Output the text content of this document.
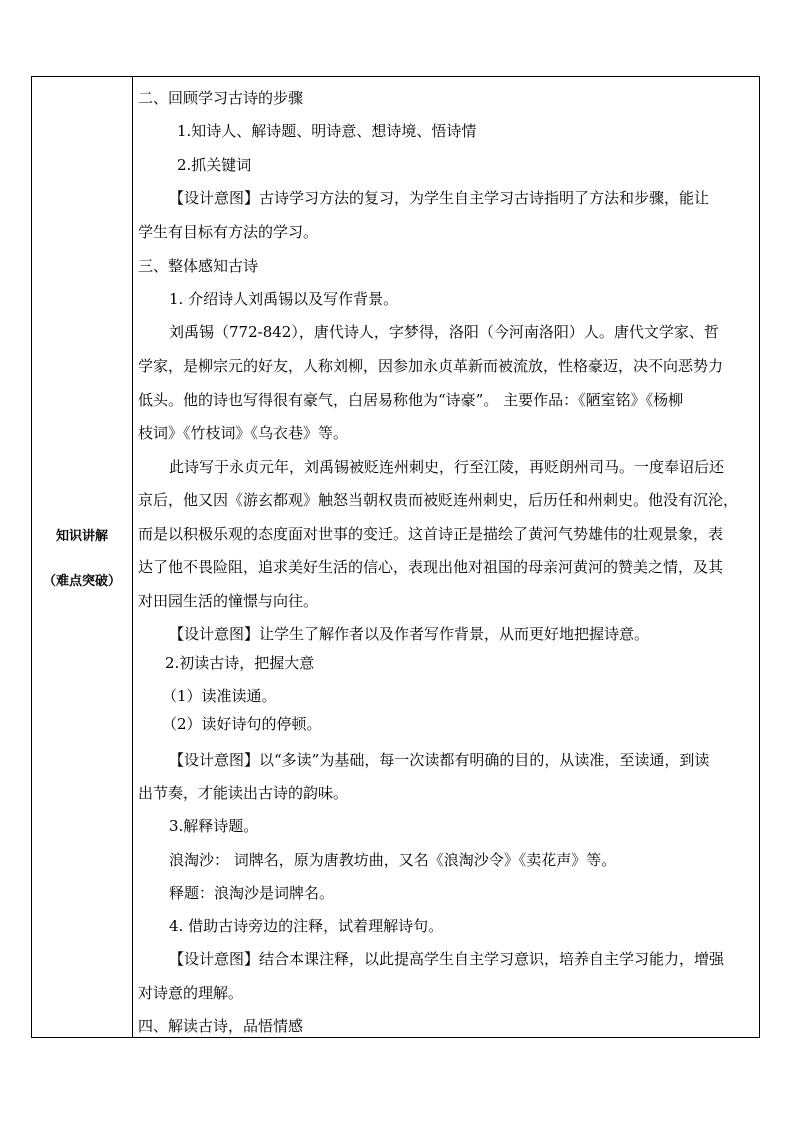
知识讲解
（难点突破）
二、回顾学习古诗的步骤
1.知诗人、解诗题、明诗意、想诗境、悟诗情
2.抓关键词
【设计意图】古诗学习方法的复习，为学生自主学习古诗指明了方法和步骤，能让
学生有目标有方法的学习。
三、整体感知古诗
1. 介绍诗人刘禹锡以及写作背景。
刘禹锡（772-842），唐代诗人，字梦得，洛阳（今河南洛阳）人。唐代文学家、哲
学家，是柳宗元的好友，人称刘柳，因参加永贞革新而被流放，性格豪迈，决不向恶势力
低头。他的诗也写得很有豪气，白居易称他为“诗豪”。 主要作品：《陋室铭》《杨柳
枝词》《竹枝词》《乌衣巷》等。
此诗写于永贞元年，刘禹锡被贬连州刺史，行至江陵，再贬朗州司马。一度奉诏后还
京后，他又因《游玄都观》触怒当朝权贵而被贬连州刺史，后历任和州刺史。他没有沉沦，
而是以积极乐观的态度面对世事的变迁。这首诗正是描绘了黄河气势雄伟的壮观景象，表
达了他不畏险阻，追求美好生活的信心，表现出他对祖国的母亲河黄河的赞美之情，及其
对田园生活的憧憬与向往。
【设计意图】让学生了解作者以及作者写作背景，从而更好地把握诗意。
2.初读古诗，把握大意
（1）读准读通。
（2）读好诗句的停顿。
【设计意图】以“多读”为基础，每一次读都有明确的目的，从读准，至读通，到读
出节奏，才能读出古诗的韵味。
3.解释诗题。
浪淘沙： 词牌名，原为唐教坊曲，又名《浪淘沙令》《卖花声》等。
释题：浪淘沙是词牌名。
4. 借助古诗旁边的注释，试着理解诗句。
【设计意图】结合本课注释，以此提高学生自主学习意识，培养自主学习能力，增强
对诗意的理解。
四、解读古诗，品悟情感
